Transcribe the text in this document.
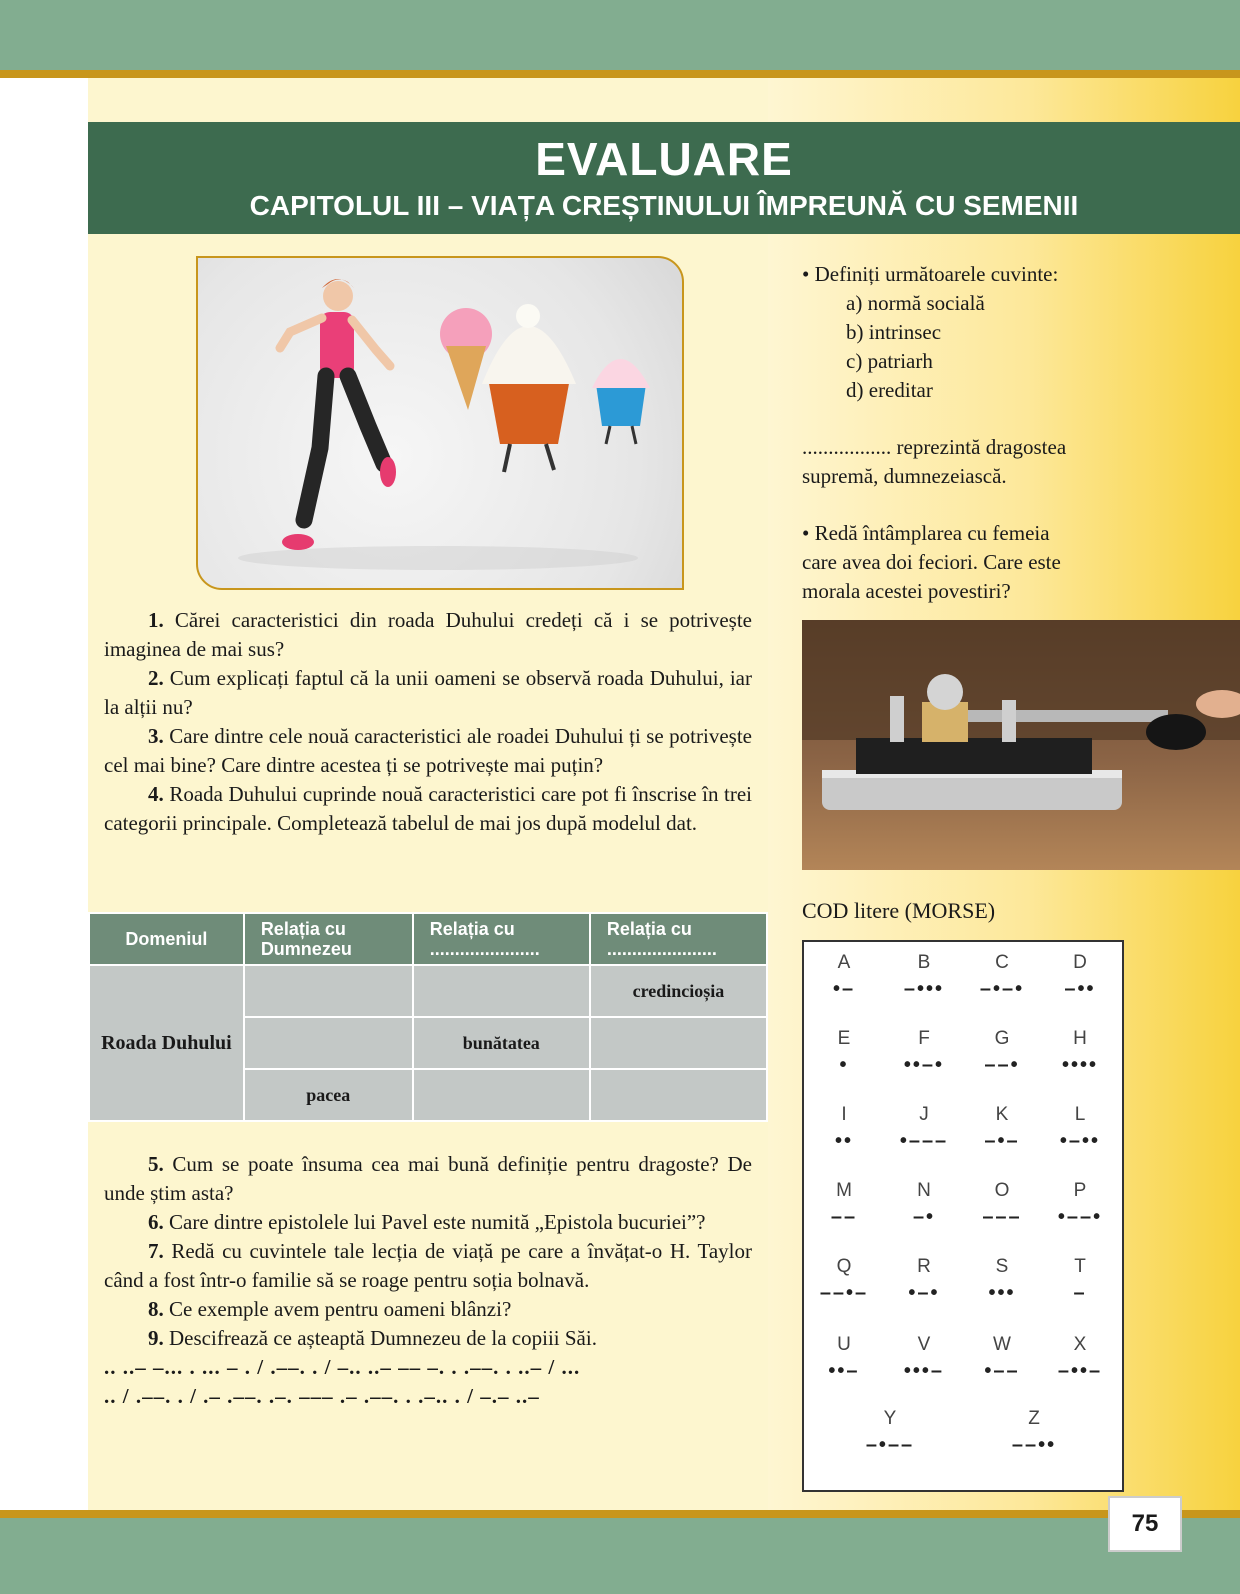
EVALUARE
CAPITOLUL III – VIAȚA CREȘTINULUI ÎMPREUNĂ CU SEMENII

1. Cărei caracteristici din roada Duhului credeți că i se potrivește imaginea de mai sus?

2. Cum explicați faptul că la unii oameni se observă roada Duhului, iar la alții nu?

3. Care dintre cele nouă caracteristici ale roadei Duhului ți se potrivește cel mai bine? Care dintre acestea ți se potrivește mai puțin?

4. Roada Duhului cuprinde nouă caracteristici care pot fi înscrise în trei categorii principale. Completează tabelul de mai jos după modelul dat.

Domeniul	Relația cu Dumnezeu	Relația cu ......................	Relația cu ......................
Roada Duhului			credincioșia
		bunătatea	
	pacea		

5. Cum se poate însuma cea mai bună definiție pentru dragoste? De unde știm asta?

6. Care dintre epistolele lui Pavel este numită „Epistola bucuriei”?

7. Redă cu cuvintele tale lecția de viață pe care a învățat-o H. Taylor când a fost într-o familie să se roage pentru soția bolnavă.

8. Ce exemple avem pentru oameni blânzi?

9. Descifrează ce așteaptă Dumnezeu de la copiii Săi.

.. ..– –... . ... – . / .––. . / –.. ..– –– –. . .––. . ..– / ...

.. / .––. . / .– .––. .–. ––– .– .––. . .–.. . / –.– ..–

• Definiți următoarele cuvinte:

a) normă socială

b) intrinsec

c) patriarh

d) ereditar

................. reprezintă dragostea

supremă, dumnezeiască.

• Redă întâmplarea cu femeia

care avea doi feciori. Care este

morala acestei povestiri?

COD litere (MORSE)
A
•–
B
–•••
C
–•–•
D
–••
E
•
F
••–•
G
––•
H
••••
I
••
J
•–––
K
–•–
L
•–••
M
––
N
–•
O
–––
P
•––•
Q
––•–
R
•–•
S
•••
T
–
U
••–
V
•••–
W
•––
X
–••–
Y
–•––
Z
––••
75
